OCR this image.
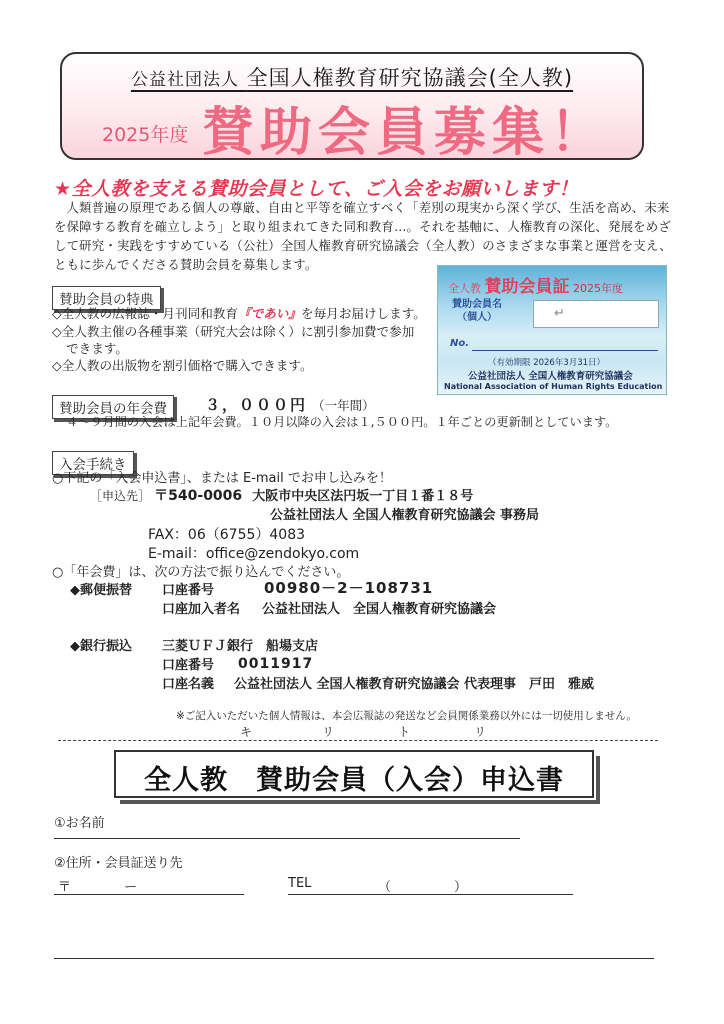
公益社団法人 全国人権教育研究協議会(全人教)
2025年度 賛助会員募集！
★全人教を支える賛助会員として、ご入会をお願いします！
人類普遍の原理である個人の尊厳、自由と平等を確立すべく「差別の現実から深く学び、生活を高め、未来を保障する教育を確立しよう」と取り組まれてきた同和教育…。それを基軸に、人権教育の深化、発展をめざして研究・実践をすすめている（公社）全国人権教育研究協議会（全人教）のさまざまな事業と運営を支え、ともに歩んでくださる賛助会員を募集します。
賛助会員の特典
◇全人教の広報誌・月刊同和教育『であい』を毎月お届けします。
◇全人教主催の各種事業（研究大会は除く）に割引参加費で参加
できます。
◇全人教の出版物を割引価格で購入できます。
全人教 賛助会員証 2025年度
賛助会員名
（個人）	↵
No.
（有効期限 2026年3月31日）
公益社団法人 全国人権教育研究協議会
National Association of Human Rights Education
賛助会員の年会費	３，０００円 （一年間）
４～９月間の入会は上記年会費。１０月以降の入会は１,５００円。１年ごとの更新制としています。
入会手続き
○下記の「入会申込書」、または E-mail でお申し込みを！
［申込先］ 〒540-0006 大阪市中央区法円坂一丁目１番１８号
公益社団法人 全国人権教育研究協議会 事務局
FAX：06（6755）4083
E-mail：office@zendokyo.com
○「年会費」は、次の方法で振り込んでください。
◆郵便振替 口座番号	00980－2－108731
口座加入者名 公益社団法人　全国人権教育研究協議会
◆銀行振込 三菱ＵＦＪ銀行　船場支店
口座番号 0011917
口座名義 公益社団法人 全国人権教育研究協議会 代表理事　戸田　雅威
※ご記入いただいた個人情報は、本会広報誌の発送など会員関係業務以外には一切使用しません。
キ	リ	ト	リ
全人教　賛助会員（入会）申込書
①お名前
②住所・会員証送り先
〒	ー	TEL	（	）
